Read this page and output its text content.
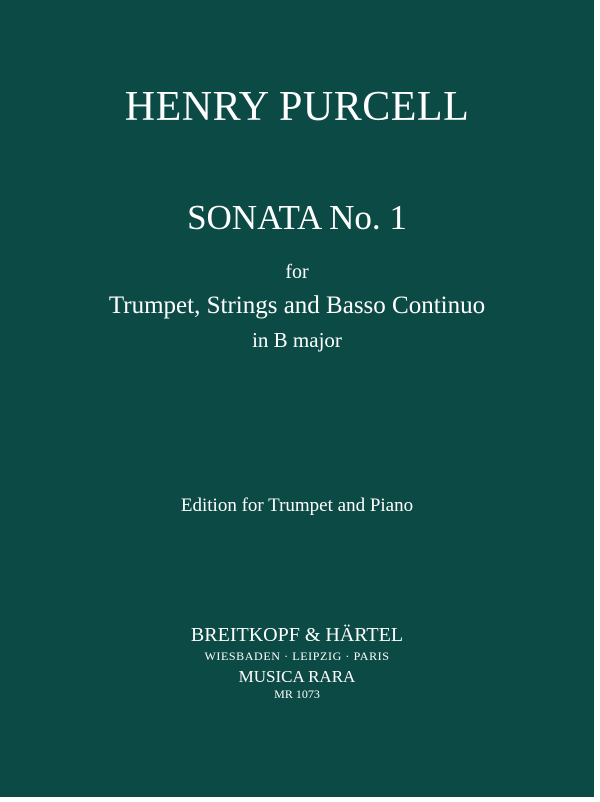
HENRY PURCELL
SONATA No. 1
for
Trumpet, Strings and Basso Continuo
in B major
Edition for Trumpet and Piano
BREITKOPF & HÄRTEL
WIESBADEN · LEIPZIG · PARIS
MUSICA RARA
MR 1073
